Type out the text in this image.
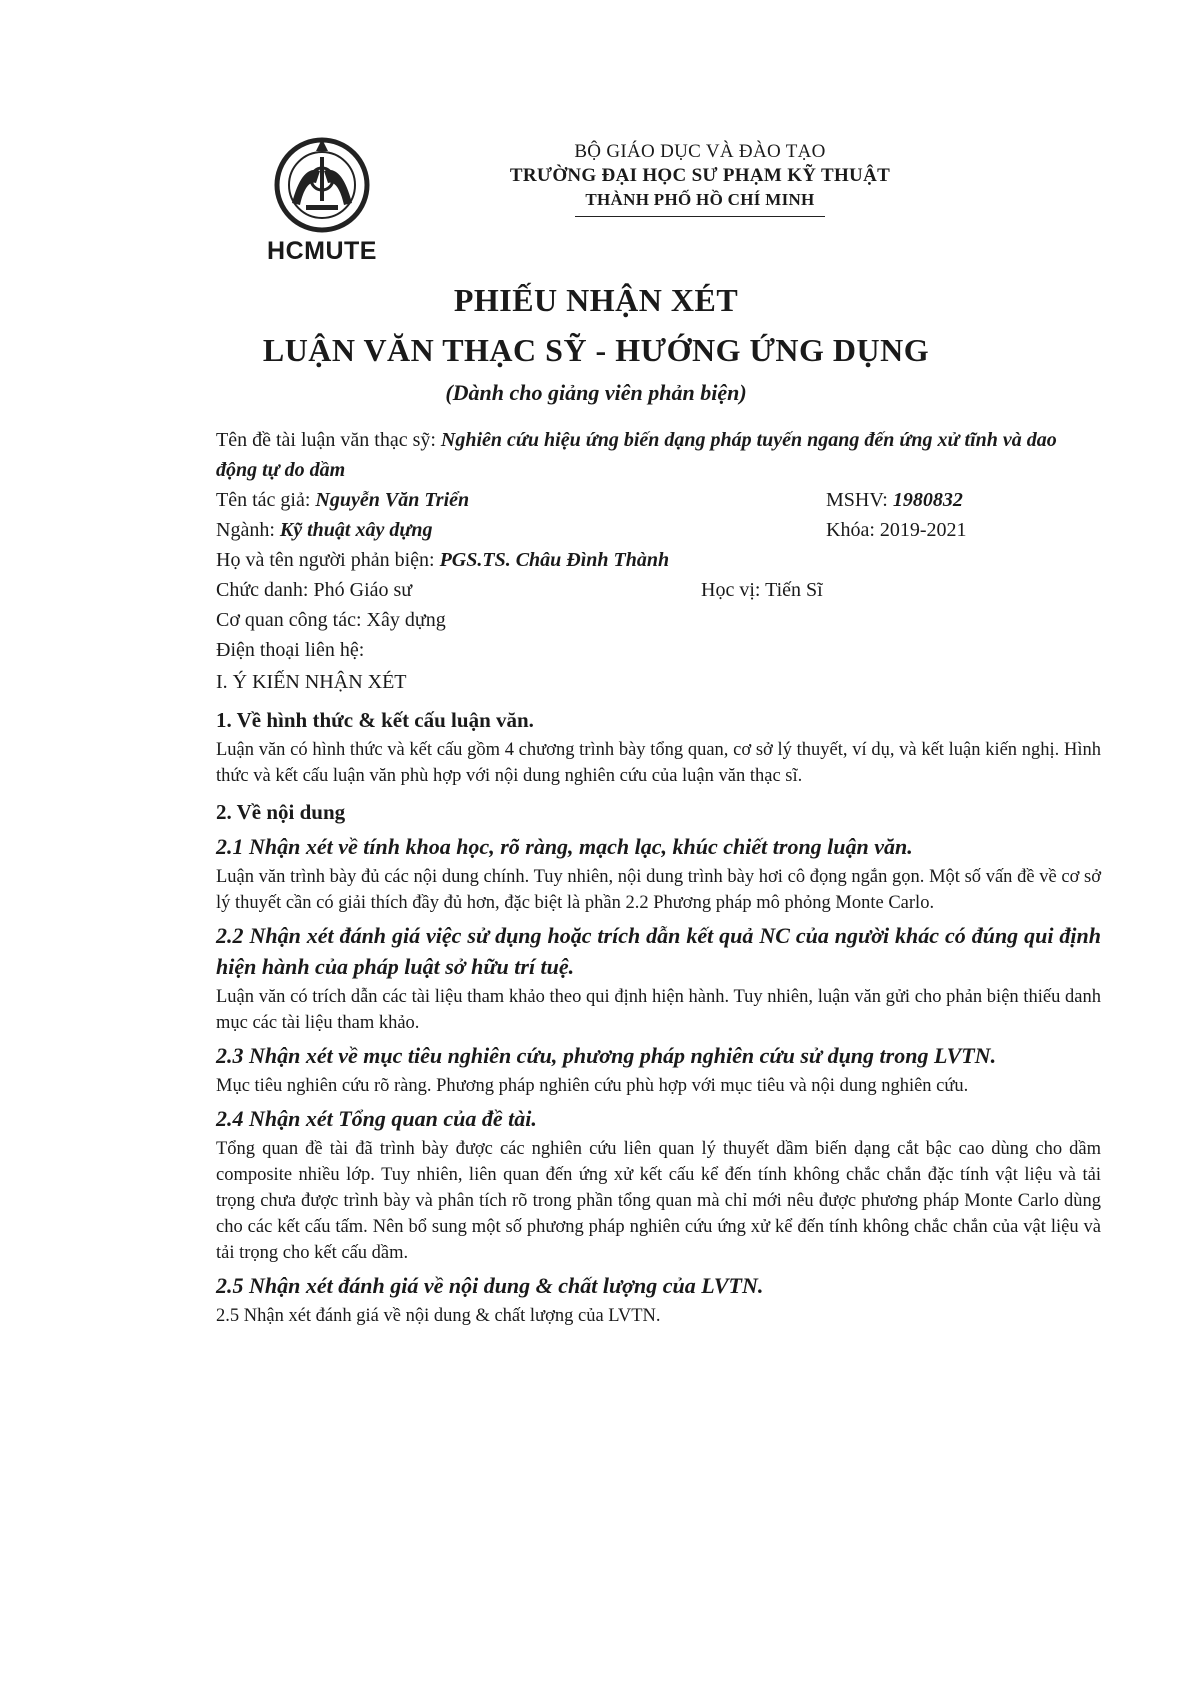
HCMUTE
BỘ GIÁO DỤC VÀ ĐÀO TẠO
TRƯỜNG ĐẠI HỌC SƯ PHẠM KỸ THUẬT
THÀNH PHỐ HỒ CHÍ MINH
PHIẾU NHẬN XÉT
LUẬN VĂN THẠC SỸ - HƯỚNG ỨNG DỤNG
(Dành cho giảng viên phản biện)
Tên đề tài luận văn thạc sỹ: Nghiên cứu hiệu ứng biến dạng pháp tuyến ngang đến ứng xử tĩnh và dao động tự do dầm
Tên tác giả: Nguyễn Văn Triển	MSHV: 1980832
Ngành: Kỹ thuật xây dựng	Khóa: 2019-2021
Họ và tên người phản biện: PGS.TS. Châu Đình Thành
Chức danh: Phó Giáo sư	Học vị: Tiến Sĩ
Cơ quan công tác: Xây dựng
Điện thoại liên hệ:
I. Ý KIẾN NHẬN XÉT
1. Về hình thức & kết cấu luận văn.

Luận văn có hình thức và kết cấu gồm 4 chương trình bày tổng quan, cơ sở lý thuyết, ví dụ, và kết luận kiến nghị. Hình thức và kết cấu luận văn phù hợp với nội dung nghiên cứu của luận văn thạc sĩ.

2. Về nội dung
2.1 Nhận xét về tính khoa học, rõ ràng, mạch lạc, khúc chiết trong luận văn.

Luận văn trình bày đủ các nội dung chính. Tuy nhiên, nội dung trình bày hơi cô đọng ngắn gọn. Một số vấn đề về cơ sở lý thuyết cần có giải thích đầy đủ hơn, đặc biệt là phần 2.2 Phương pháp mô phỏng Monte Carlo.

2.2 Nhận xét đánh giá việc sử dụng hoặc trích dẫn kết quả NC của người khác có đúng qui định hiện hành của pháp luật sở hữu trí tuệ.

Luận văn có trích dẫn các tài liệu tham khảo theo qui định hiện hành. Tuy nhiên, luận văn gửi cho phản biện thiếu danh mục các tài liệu tham khảo.

2.3 Nhận xét về mục tiêu nghiên cứu, phương pháp nghiên cứu sử dụng trong LVTN.

Mục tiêu nghiên cứu rõ ràng. Phương pháp nghiên cứu phù hợp với mục tiêu và nội dung nghiên cứu.

2.4 Nhận xét Tổng quan của đề tài.

Tổng quan đề tài đã trình bày được các nghiên cứu liên quan lý thuyết dầm biến dạng cắt bậc cao dùng cho dầm composite nhiều lớp. Tuy nhiên, liên quan đến ứng xử kết cấu kể đến tính không chắc chắn đặc tính vật liệu và tải trọng chưa được trình bày và phân tích rõ trong phần tổng quan mà chỉ mới nêu được phương pháp Monte Carlo dùng cho các kết cấu tấm. Nên bổ sung một số phương pháp nghiên cứu ứng xử kể đến tính không chắc chắn của vật liệu và tải trọng cho kết cấu dầm.

2.5 Nhận xét đánh giá về nội dung & chất lượng của LVTN.

2.5 Nhận xét đánh giá về nội dung & chất lượng của LVTN.
